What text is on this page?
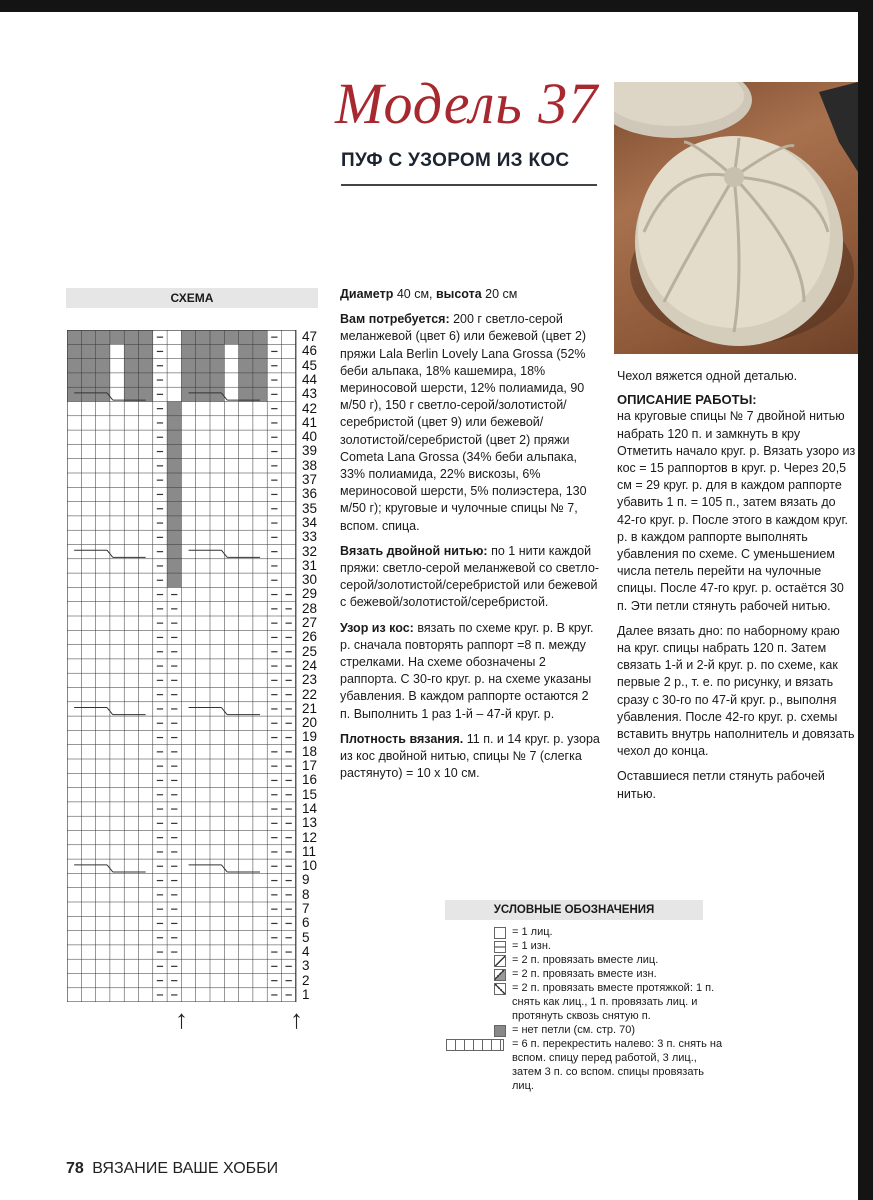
Модель 37
ПУФ С УЗОРОМ ИЗ КОС
СХЕМА
47
46
45
44
43
42
41
40
39
38
37
36
35
34
33
32
31
30
29
28
27
26
25
24
23
22
21
20
19
18
17
16
15
14
13
12
11
10
9
8
7
6
5
4
3
2
1
↑	↑

Диаметр 40 см, высота 20 см

Вам потребуется: 200 г светло-серой меланжевой (цвет 6) или бежевой (цвет 2) пряжи Lala Berlin Lovely Lana Grossa (52% беби альпака, 18% кашемира, 18% мериносовой шерсти, 12% полиамида, 90 м/50 г), 150 г светло-серой/золотистой/серебристой (цвет 9) или бежевой/золотистой/серебристой (цвет 2) пряжи Cometa Lana Grossa (34% беби альпака, 33% полиамида, 22% вискозы, 6% мериносовой шерсти, 5% полиэстера, 130 м/50 г); круговые и чулочные спицы № 7, вспом. спица.

Вязать двойной нитью: по 1 нити каждой пряжи: светло-серой меланжевой со светло-серой/золотистой/серебристой или бежевой с бежевой/золотистой/серебристой.

Узор из кос: вязать по схеме круг. р. В круг. р. сначала повторять раппорт =8 п. между стрелками. На схеме обозначены 2 раппорта. С 30-го круг. р. на схеме указаны убавления. В каждом раппорте остаются 2 п. Выполнить 1 раз 1-й – 47-й круг. р.

Плотность вязания. 11 п. и 14 круг. р. узора из кос двойной нитью, спицы № 7 (слегка растянуто) = 10 х 10 см.

Чехол вяжется одной деталью.

ОПИСАНИЕ РАБОТЫ:

на круговые спицы № 7 двойной нитью набрать 120 п. и замкнуть в кру Отметить начало круг. р. Вязать узоро из кос = 15 раппортов в круг. р. Через 20,5 см = 29 круг. р. для в каждом раппорте убавить 1 п. = 105 п., затем вязать до 42-го круг. р. После этого в каждом круг. р. в каждом раппорте выполнять убавления по схеме. С уменьшением числа петель перейти на чулочные спицы. После 47-го круг. р. остаётся 30 п. Эти петли стянуть рабочей нитью.

Далее вязать дно: по наборному краю на круг. спицы набрать 120 п. Затем связать 1-й и 2-й круг. р. по схеме, как первые 2 р., т. е. по рисунку, и вязать сразу с 30-го по 47-й круг. р., выполня убавления. После 42-го круг. р. схемы вставить внутрь наполнитель и довязать чехол до конца.

Оставшиеся петли стянуть рабочей нитью.

УСЛОВНЫЕ ОБОЗНАЧЕНИЯ
= 1 лиц.
= 1 изн.
= 2 п. провязать вместе лиц.
= 2 п. провязать вместе изн.
= 2 п. провязать вместе протяжкой: 1 п. снять как лиц., 1 п. провязать лиц. и протянуть сквозь снятую п.
= нет петли (см. стр. 70)
= 6 п. перекрестить налево: 3 п. снять на вспом. спицу перед работой, 3 лиц., затем 3 п. со вспом. спицы провязать лиц.
78 ВЯЗАНИЕ ВАШЕ ХОББИ
